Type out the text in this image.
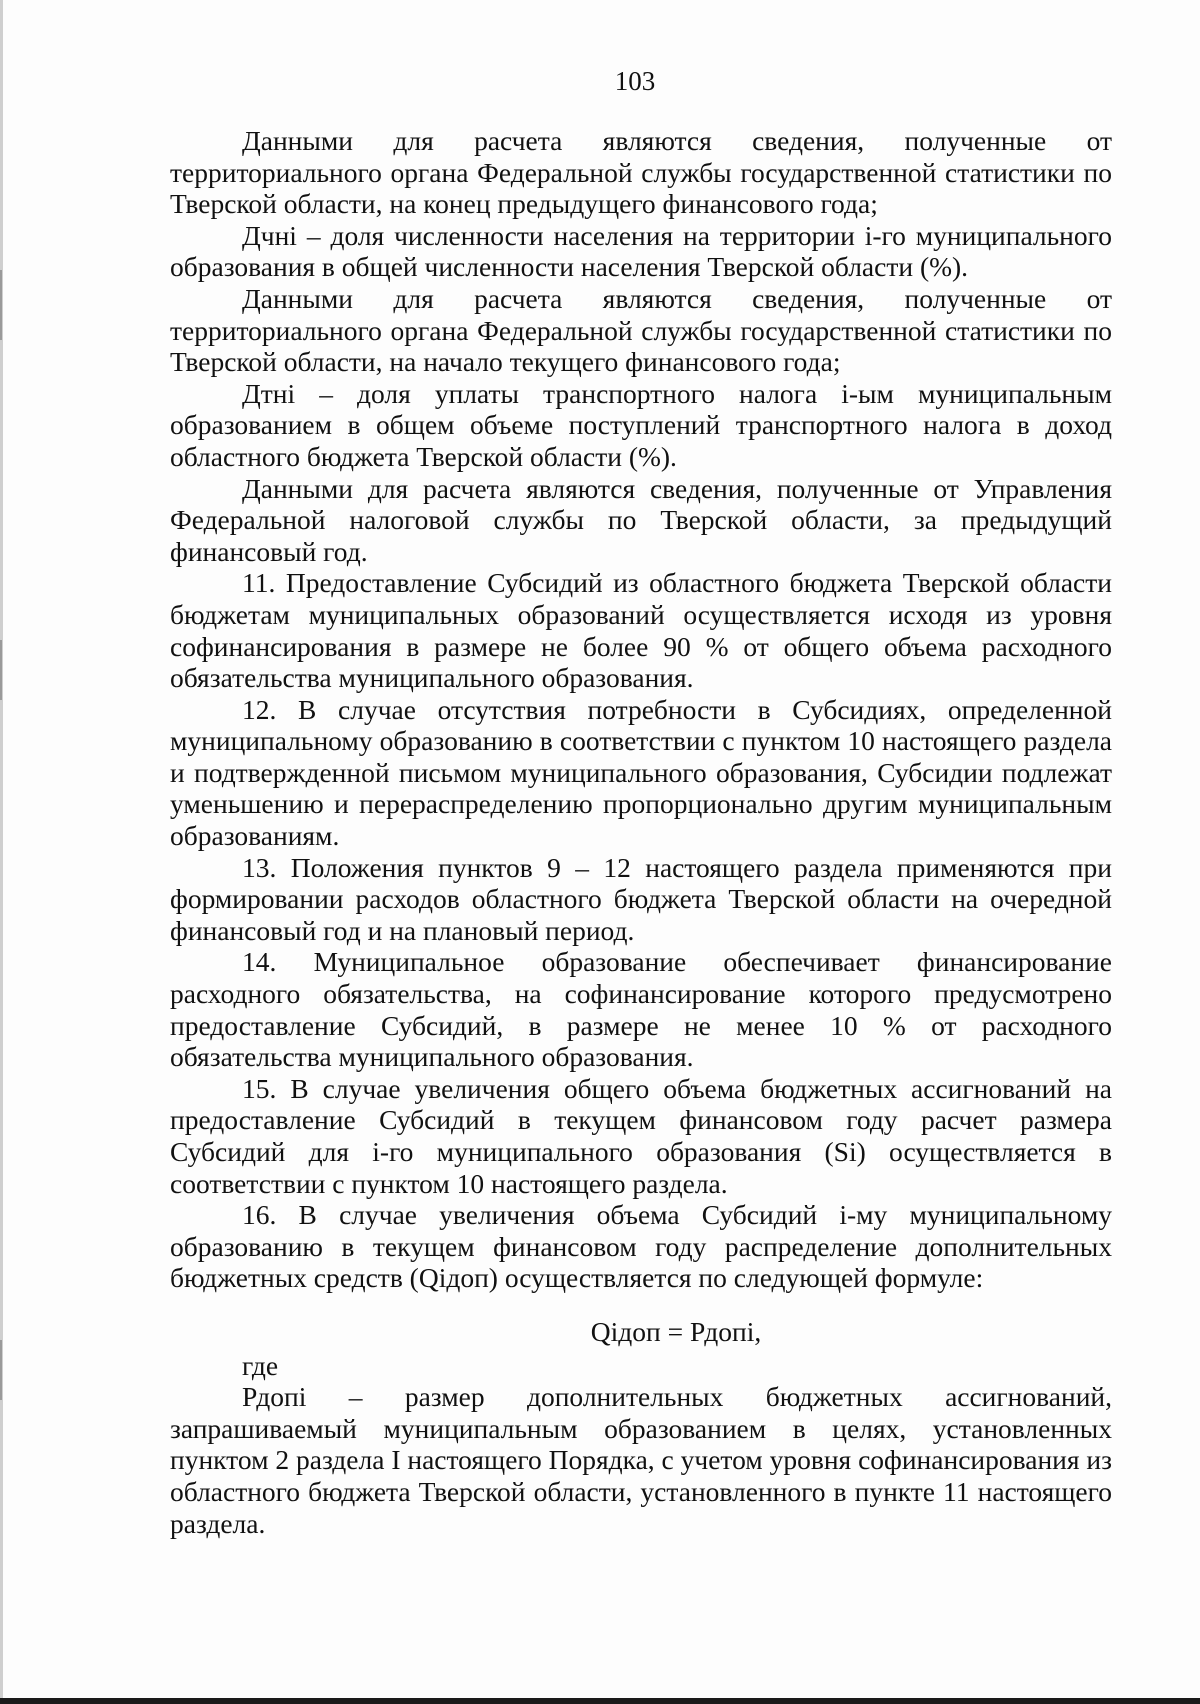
103

Данными для расчета являются сведения, полученные от территориального органа Федеральной службы государственной статистики по Тверской области, на конец предыдущего финансового года;

Дчні – доля численности населения на территории і-го муниципального образования в общей численности населения Тверской области (%).

Данными для расчета являются сведения, полученные от территориального органа Федеральной службы государственной статистики по Тверской области, на начало текущего финансового года;

Дтні – доля уплаты транспортного налога і-ым муниципальным образованием в общем объеме поступлений транспортного налога в доход областного бюджета Тверской области (%).

Данными для расчета являются сведения, полученные от Управления Федеральной налоговой службы по Тверской области, за предыдущий финансовый год.

11. Предоставление Субсидий из областного бюджета Тверской области бюджетам муниципальных образований осуществляется исходя из уровня софинансирования в размере не более 90 % от общего объема расходного обязательства муниципального образования.

12. В случае отсутствия потребности в Субсидиях, определенной муниципальному образованию в соответствии с пунктом 10 настоящего раздела и подтвержденной письмом муниципального образования, Субсидии подлежат уменьшению и перераспределению пропорционально другим муниципальным образованиям.

13. Положения пунктов 9 – 12 настоящего раздела применяются при формировании расходов областного бюджета Тверской области на очередной финансовый год и на плановый период.

14. Муниципальное образование обеспечивает финансирование расходного обязательства, на софинансирование которого предусмотрено предоставление Субсидий, в размере не менее 10 % от расходного обязательства муниципального образования.

15. В случае увеличения общего объема бюджетных ассигнований на предоставление Субсидий в текущем финансовом году расчет размера Субсидий для і-го муниципального образования (Si) осуществляется в соответствии с пунктом 10 настоящего раздела.

16. В случае увеличения объема Субсидий і-му муниципальному образованию в текущем финансовом году распределение дополнительных бюджетных средств (Qiдоп) осуществляется по следующей формуле:

Qiдоп = Рдопі,

где

Рдопі – размер дополнительных бюджетных ассигнований, запрашиваемый муниципальным образованием в целях, установленных пунктом 2 раздела I настоящего Порядка, с учетом уровня софинансирования из областного бюджета Тверской области, установленного в пункте 11 настоящего раздела.
